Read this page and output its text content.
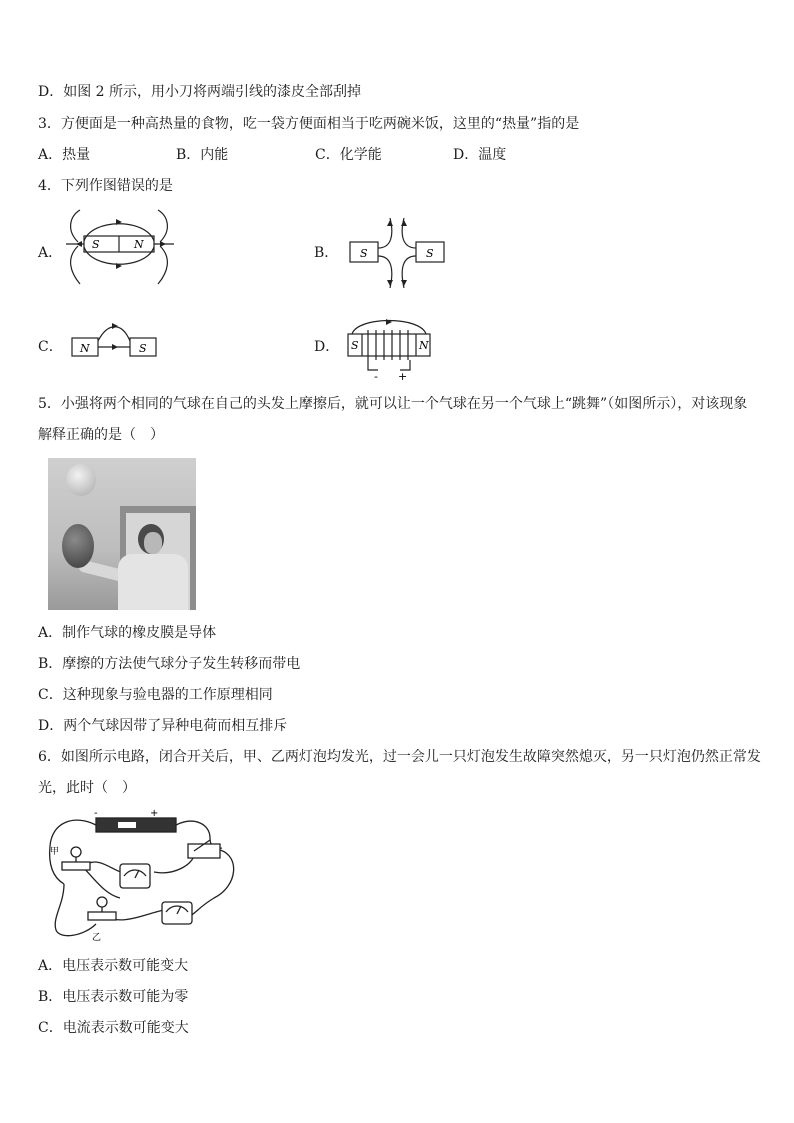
D．如图 2 所示，用小刀将两端引线的漆皮全部刮掉
3．方便面是一种高热量的食物，吃一袋方便面相当于吃两碗米饭，这里的“热量”指的是
A．热量	B．内能	C．化学能	D．温度
4．下列作图错误的是
A．
S	N
B． S	S
C． N	S	D． S	N
- +
5．小强将两个相同的气球在自己的头发上摩擦后，就可以让一个气球在另一个气球上“跳舞”（如图所示），对该现象
解释正确的是（　）
A．制作气球的橡皮膜是导体
B．摩擦的方法使气球分子发生转移而带电
C．这种现象与验电器的工作原理相同
D．两个气球因带了异种电荷而相互排斥
6．如图所示电路，闭合开关后，甲、乙两灯泡均发光，过一会儿一只灯泡发生故障突然熄灭，另一只灯泡仍然正常发
光，此时（　）
-	+
甲
乙
A．电压表示数可能变大
B．电压表示数可能为零
C．电流表示数可能变大
